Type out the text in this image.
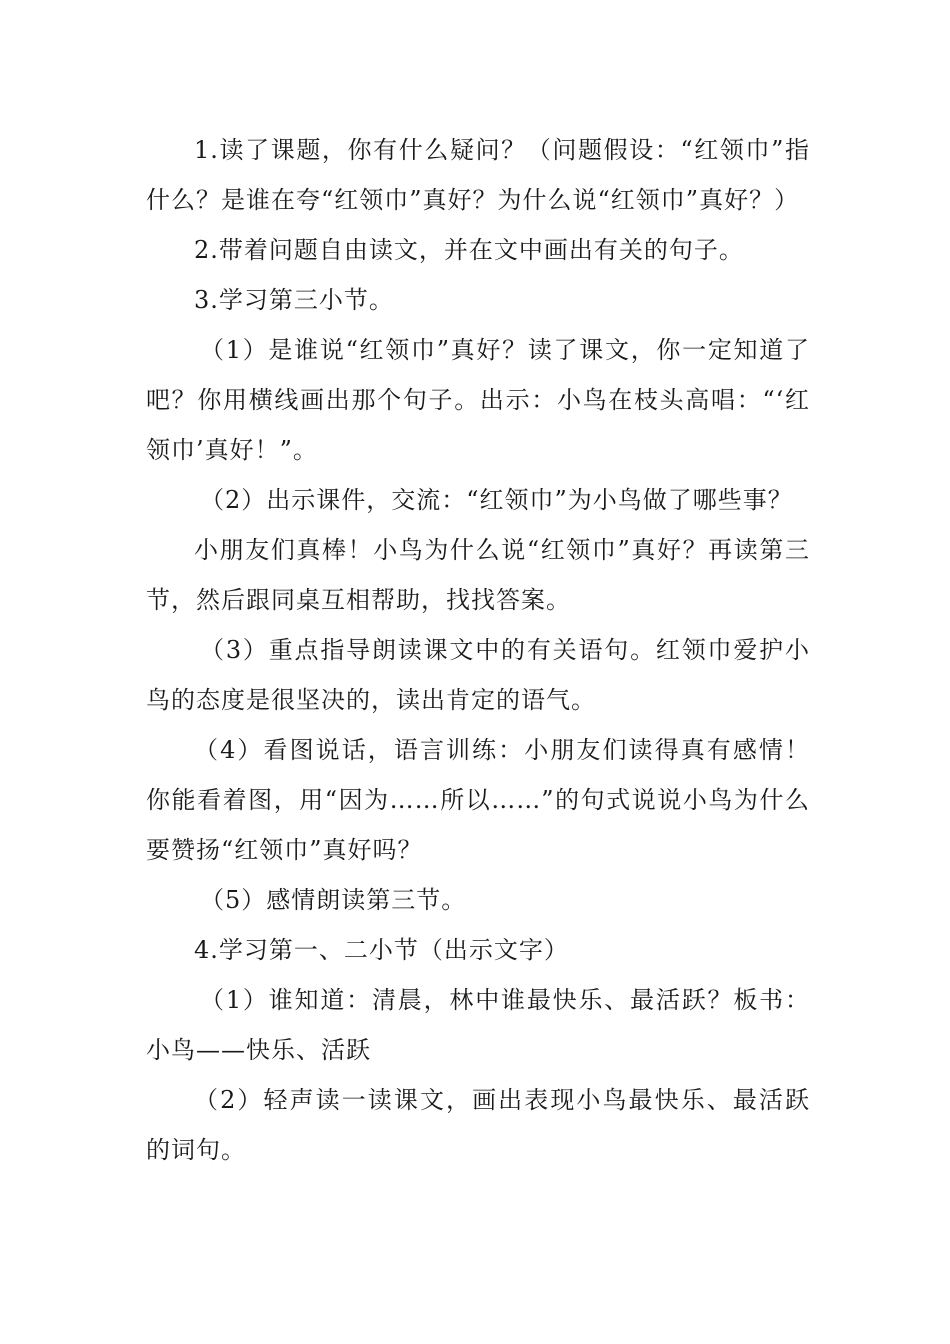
1.读了课题，你有什么疑问？（问题假设：“红领巾”指什么？是谁在夸“红领巾”真好？为什么说“红领巾”真好？）

2.带着问题自由读文，并在文中画出有关的句子。

3.学习第三小节。

（1）是谁说“红领巾”真好？读了课文，你一定知道了吧？你用横线画出那个句子。出示：小鸟在枝头高唱：“‘红领巾’真好！”。

（2）出示课件，交流：“红领巾”为小鸟做了哪些事？

小朋友们真棒！小鸟为什么说“红领巾”真好？再读第三节，然后跟同桌互相帮助，找找答案。

（3）重点指导朗读课文中的有关语句。红领巾爱护小鸟的态度是很坚决的，读出肯定的语气。

（4）看图说话，语言训练：小朋友们读得真有感情！你能看着图，用“因为……所以……”的句式说说小鸟为什么要赞扬“红领巾”真好吗？

（5）感情朗读第三节。

4.学习第一、二小节（出示文字）

（1）谁知道：清晨，林中谁最快乐、最活跃？板书：小鸟——快乐、活跃

（2）轻声读一读课文，画出表现小鸟最快乐、最活跃的词句。
